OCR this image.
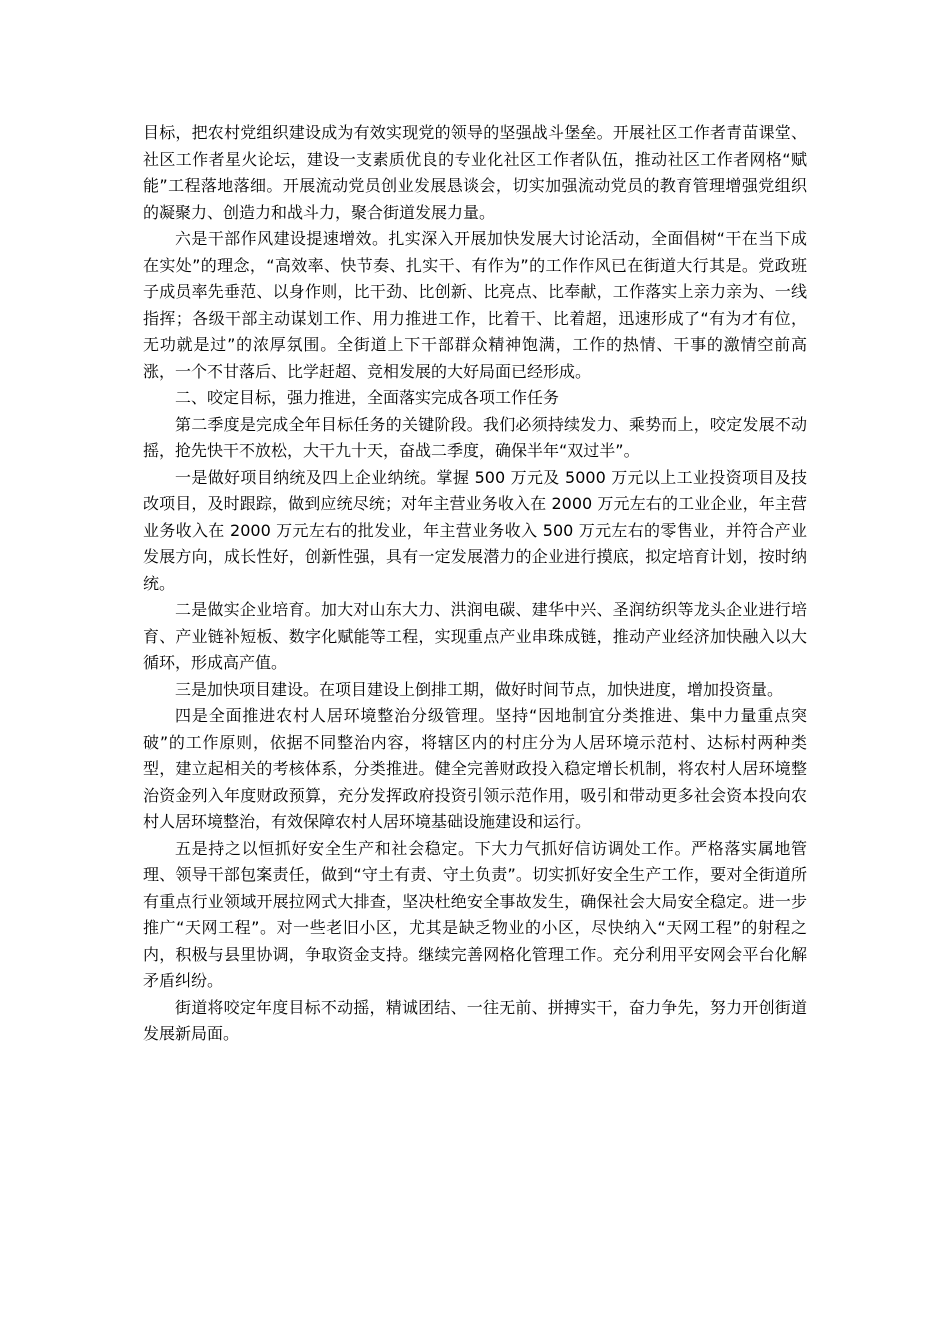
目标，把农村党组织建设成为有效实现党的领导的坚强战斗堡垒。开展社区工作者青苗课堂、社区工作者星火论坛，建设一支素质优良的专业化社区工作者队伍，推动社区工作者网格“赋能”工程落地落细。开展流动党员创业发展恳谈会，切实加强流动党员的教育管理增强党组织的凝聚力、创造力和战斗力，聚合街道发展力量。

六是干部作风建设提速增效。扎实深入开展加快发展大讨论活动，全面倡树“干在当下成在实处”的理念，“高效率、快节奏、扎实干、有作为”的工作作风已在街道大行其是。党政班子成员率先垂范、以身作则，比干劲、比创新、比亮点、比奉献，工作落实上亲力亲为、一线指挥；各级干部主动谋划工作、用力推进工作，比着干、比着超，迅速形成了“有为才有位，无功就是过”的浓厚氛围。全街道上下干部群众精神饱满，工作的热情、干事的激情空前高涨，一个不甘落后、比学赶超、竞相发展的大好局面已经形成。

二、咬定目标，强力推进，全面落实完成各项工作任务

第二季度是完成全年目标任务的关键阶段。我们必须持续发力、乘势而上，咬定发展不动摇，抢先快干不放松，大干九十天，奋战二季度，确保半年“双过半”。

一是做好项目纳统及四上企业纳统。掌握 500 万元及 5000 万元以上工业投资项目及技改项目，及时跟踪，做到应统尽统；对年主营业务收入在 2000 万元左右的工业企业，年主营业务收入在 2000 万元左右的批发业，年主营业务收入 500 万元左右的零售业，并符合产业发展方向，成长性好，创新性强，具有一定发展潜力的企业进行摸底，拟定培育计划，按时纳统。

二是做实企业培育。加大对山东大力、洪润电碳、建华中兴、圣润纺织等龙头企业进行培育、产业链补短板、数字化赋能等工程，实现重点产业串珠成链，推动产业经济加快融入以大循环，形成高产值。

三是加快项目建设。在项目建设上倒排工期，做好时间节点，加快进度，增加投资量。

四是全面推进农村人居环境整治分级管理。坚持“因地制宜分类推进、集中力量重点突破”的工作原则，依据不同整治内容，将辖区内的村庄分为人居环境示范村、达标村两种类型，建立起相关的考核体系，分类推进。健全完善财政投入稳定增长机制，将农村人居环境整治资金列入年度财政预算，充分发挥政府投资引领示范作用，吸引和带动更多社会资本投向农村人居环境整治，有效保障农村人居环境基础设施建设和运行。

五是持之以恒抓好安全生产和社会稳定。下大力气抓好信访调处工作。严格落实属地管理、领导干部包案责任，做到“守土有责、守土负责”。切实抓好安全生产工作，要对全街道所有重点行业领域开展拉网式大排查，坚决杜绝安全事故发生，确保社会大局安全稳定。进一步推广“天网工程”。对一些老旧小区，尤其是缺乏物业的小区，尽快纳入“天网工程”的射程之内，积极与县里协调，争取资金支持。继续完善网格化管理工作。充分利用平安网会平台化解矛盾纠纷。

街道将咬定年度目标不动摇，精诚团结、一往无前、拼搏实干，奋力争先，努力开创街道发展新局面。
